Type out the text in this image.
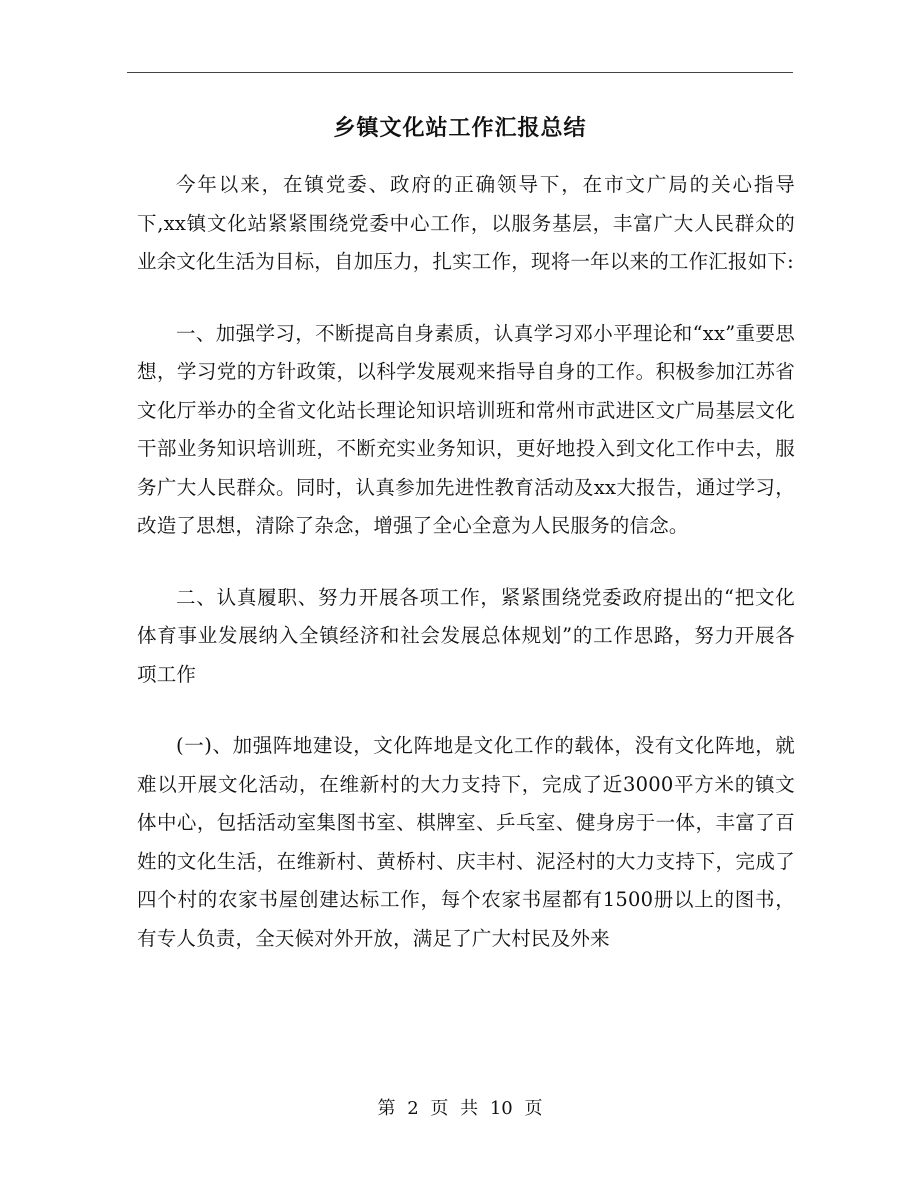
乡镇文化站工作汇报总结

今年以来，在镇党委、政府的正确领导下，在市文广局的关心指导下,xx镇文化站紧紧围绕党委中心工作，以服务基层，丰富广大人民群众的业余文化生活为目标，自加压力，扎实工作，现将一年以来的工作汇报如下:

一、加强学习，不断提高自身素质，认真学习邓小平理论和“xx”重要思想，学习党的方针政策，以科学发展观来指导自身的工作。积极参加江苏省文化厅举办的全省文化站长理论知识培训班和常州市武进区文广局基层文化干部业务知识培训班，不断充实业务知识，更好地投入到文化工作中去，服务广大人民群众。同时，认真参加先进性教育活动及xx大报告，通过学习，改造了思想，清除了杂念，增强了全心全意为人民服务的信念。

二、认真履职、努力开展各项工作，紧紧围绕党委政府提出的“把文化体育事业发展纳入全镇经济和社会发展总体规划”的工作思路，努力开展各项工作

(一)、加强阵地建设，文化阵地是文化工作的载体，没有文化阵地，就难以开展文化活动，在维新村的大力支持下，完成了近3000平方米的镇文体中心，包括活动室集图书室、棋牌室、乒乓室、健身房于一体，丰富了百姓的文化生活，在维新村、黄桥村、庆丰村、泥泾村的大力支持下，完成了四个村的农家书屋创建达标工作，每个农家书屋都有1500册以上的图书，有专人负责，全天候对外开放，满足了广大村民及外来

第 2 页 共 10 页
